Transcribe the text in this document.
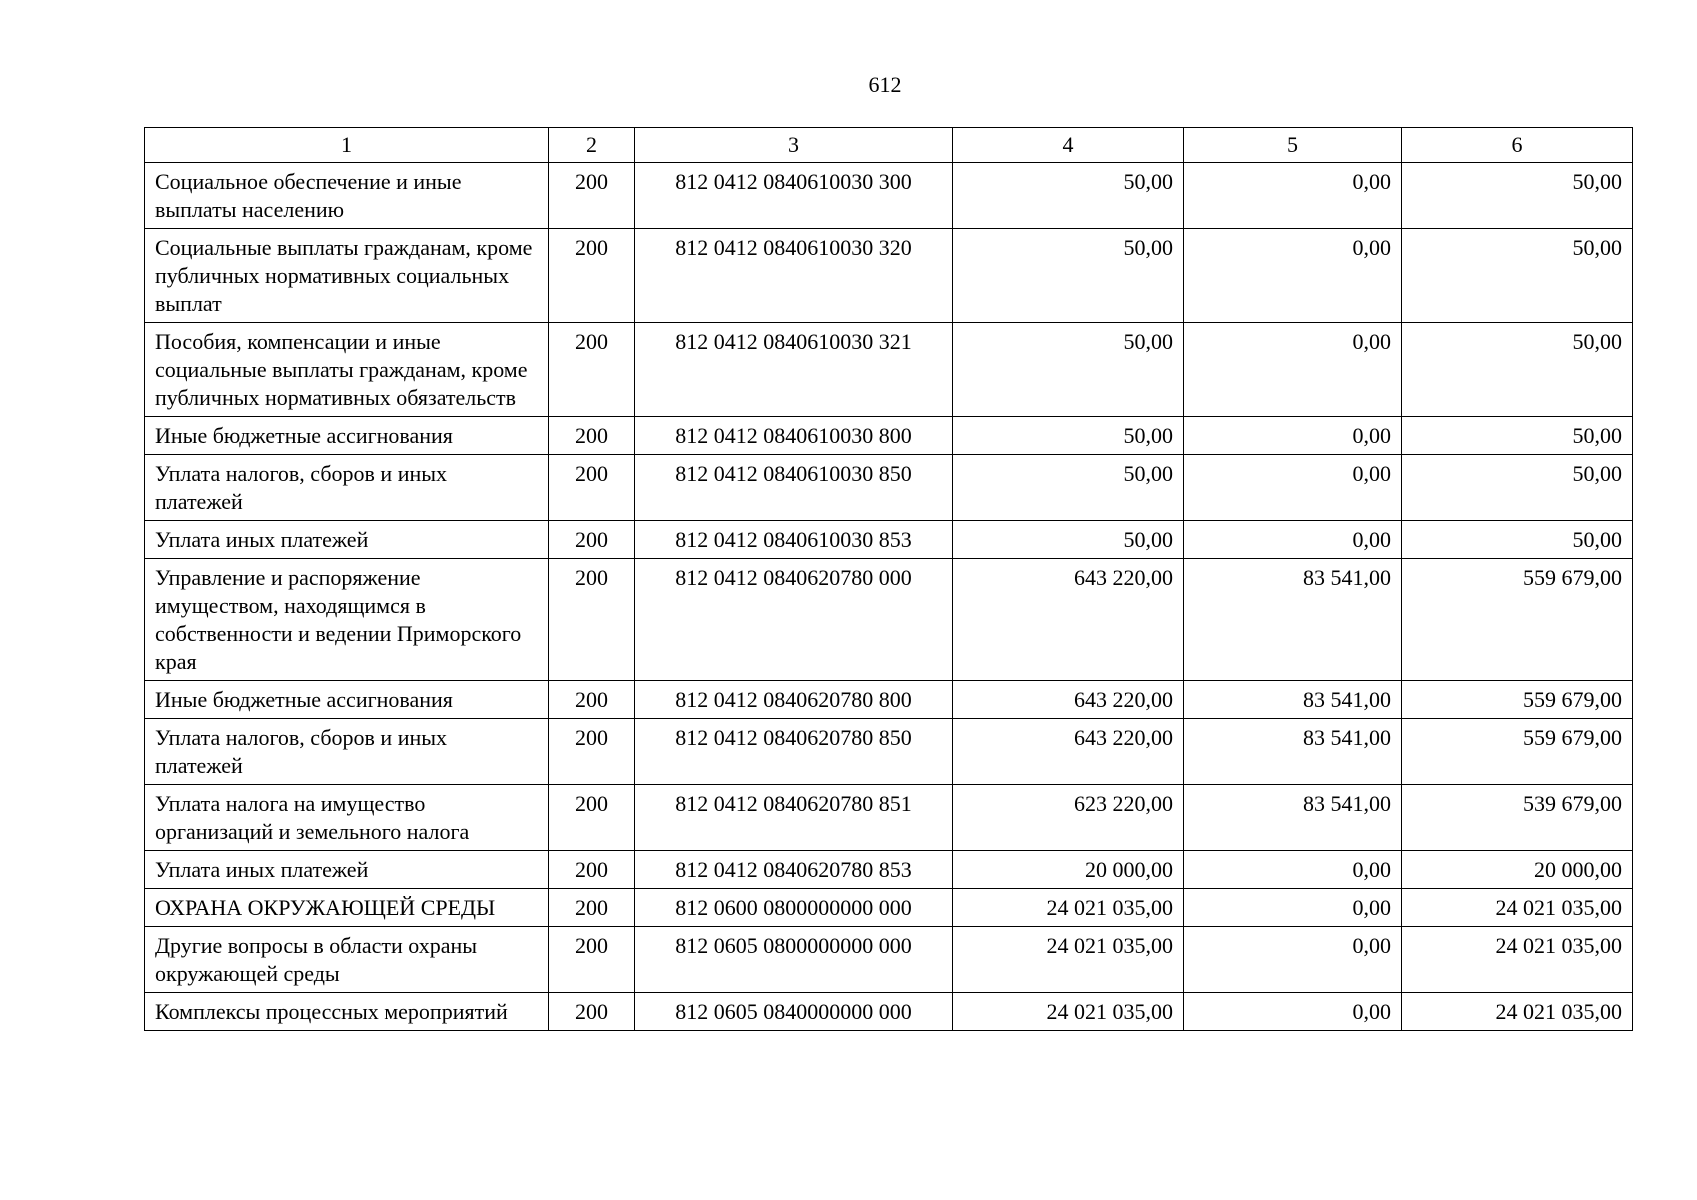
612
1	2	3	4	5	6
Социальное обеспечение и иные выплаты населению	200	812 0412 0840610030 300	50,00	0,00	50,00
Социальные выплаты гражданам, кроме публичных нормативных социальных выплат	200	812 0412 0840610030 320	50,00	0,00	50,00
Пособия, компенсации и иные социальные выплаты гражданам, кроме публичных нормативных обязательств	200	812 0412 0840610030 321	50,00	0,00	50,00
Иные бюджетные ассигнования	200	812 0412 0840610030 800	50,00	0,00	50,00
Уплата налогов, сборов и иных платежей	200	812 0412 0840610030 850	50,00	0,00	50,00
Уплата иных платежей	200	812 0412 0840610030 853	50,00	0,00	50,00
Управление и распоряжение имуществом, находящимся в собственности и ведении Приморского края	200	812 0412 0840620780 000	643 220,00	83 541,00	559 679,00
Иные бюджетные ассигнования	200	812 0412 0840620780 800	643 220,00	83 541,00	559 679,00
Уплата налогов, сборов и иных платежей	200	812 0412 0840620780 850	643 220,00	83 541,00	559 679,00
Уплата налога на имущество организаций и земельного налога	200	812 0412 0840620780 851	623 220,00	83 541,00	539 679,00
Уплата иных платежей	200	812 0412 0840620780 853	20 000,00	0,00	20 000,00
ОХРАНА ОКРУЖАЮЩЕЙ СРЕДЫ	200	812 0600 0800000000 000	24 021 035,00	0,00	24 021 035,00
Другие вопросы в области охраны окружающей среды	200	812 0605 0800000000 000	24 021 035,00	0,00	24 021 035,00
Комплексы процессных мероприятий	200	812 0605 0840000000 000	24 021 035,00	0,00	24 021 035,00
